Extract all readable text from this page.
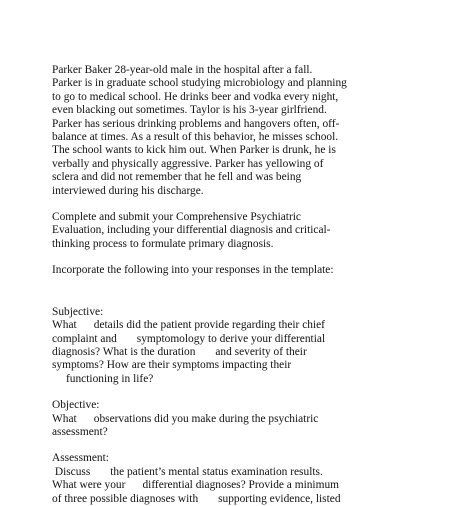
Parker Baker 28-year-old male in the hospital after a fall.
Parker is in graduate school studying microbiology and planning
to go to medical school. He drinks beer and vodka every night,
even blacking out sometimes. Taylor is his 3-year girlfriend.
Parker has serious drinking problems and hangovers often, off-
balance at times. As a result of this behavior, he misses school.
The school wants to kick him out. When Parker is drunk, he is
verbally and physically aggressive. Parker has yellowing of
sclera and did not remember that he fell and was being
interviewed during his discharge.
Complete and submit your Comprehensive Psychiatric
Evaluation, including your differential diagnosis and critical-
thinking process to formulate primary diagnosis.
Incorporate the following into your responses in the template:
Subjective:
What      details did the patient provide regarding their chief
complaint and       symptomology to derive your differential
diagnosis? What is the duration       and severity of their
symptoms? How are their symptoms impacting their
functioning in life?
Objective:
What      observations did you make during the psychiatric
assessment?
Assessment:
Discuss       the patient’s mental status examination results.
What were your      differential diagnoses? Provide a minimum
of three possible diagnoses with       supporting evidence, listed
